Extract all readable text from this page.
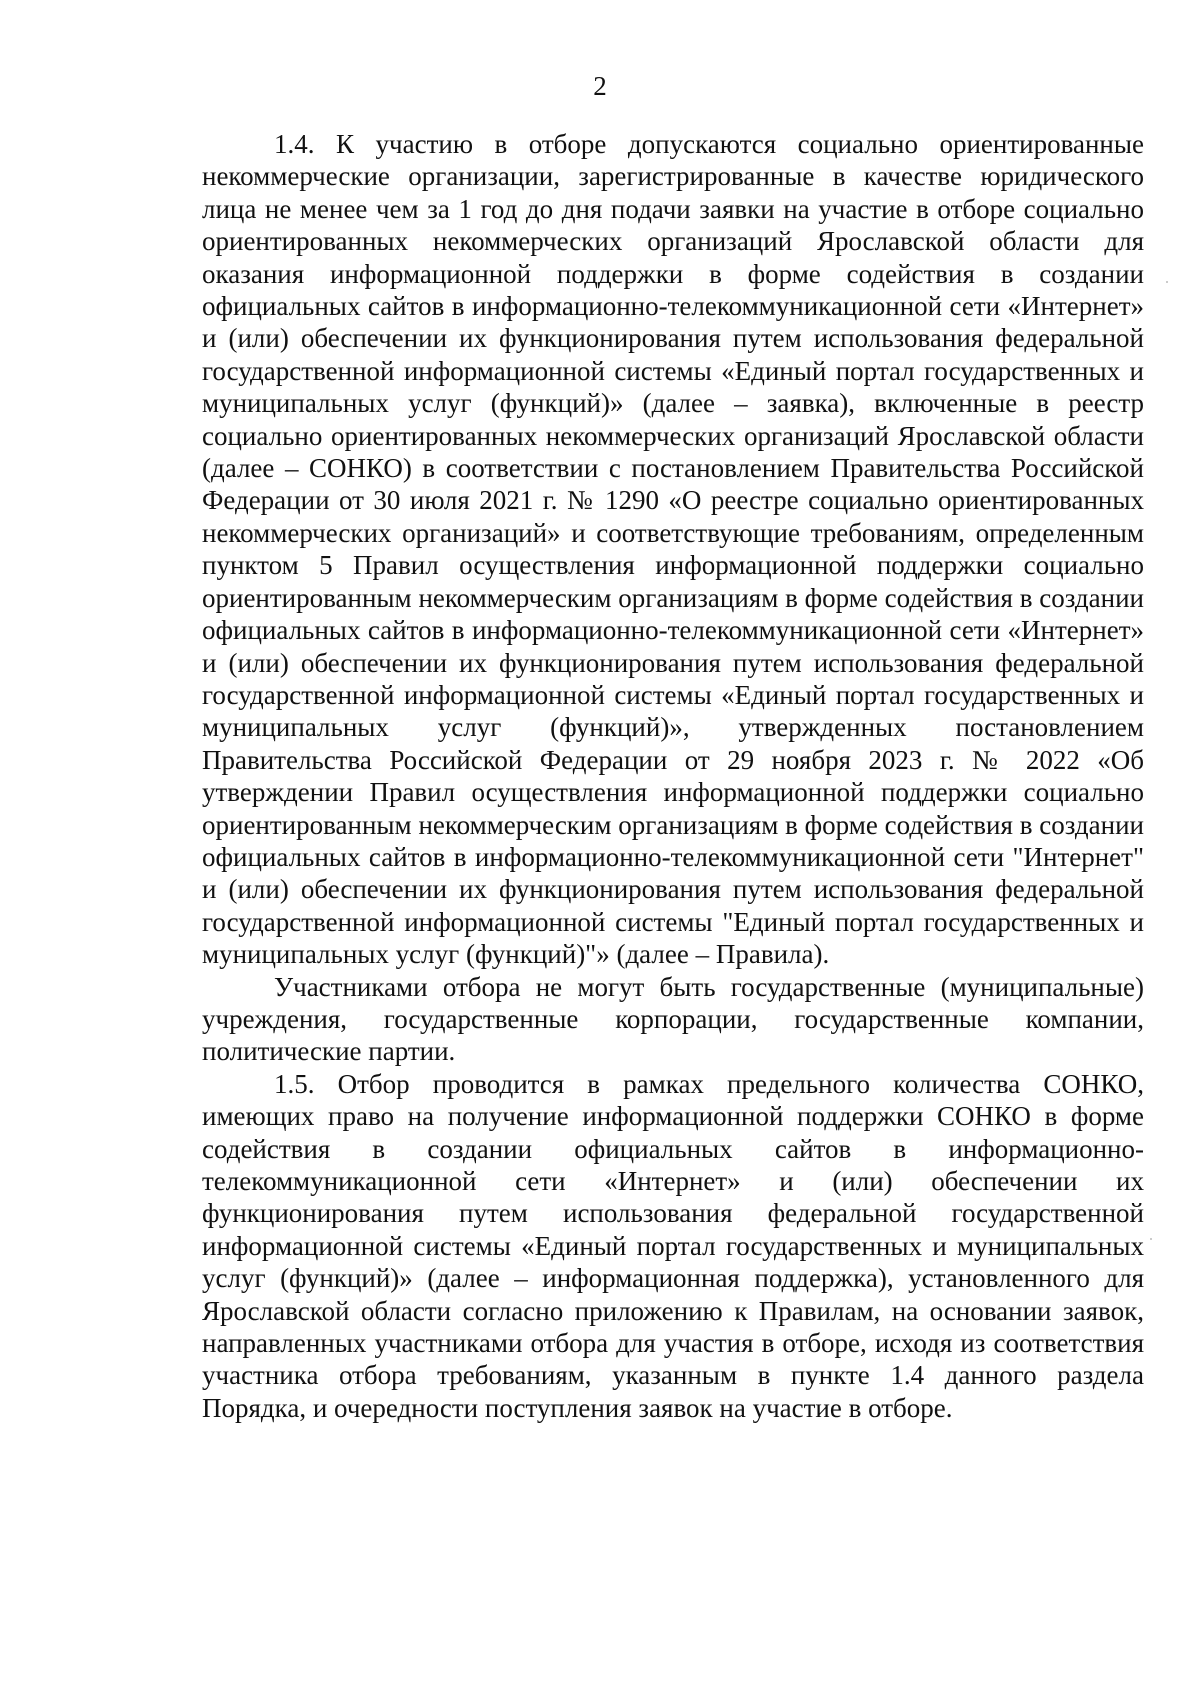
2

1.4. К участию в отборе допускаются социально ориентированные некоммерческие организации, зарегистрированные в качестве юридического лица не менее чем за 1 год до дня подачи заявки на участие в отборе социально ориентированных некоммерческих организаций Ярославской области для оказания информационной поддержки в форме содействия в создании официальных сайтов в информационно-телекоммуникационной сети «Интернет» и (или) обеспечении их функционирования путем использования федеральной государственной информационной системы «Единый портал государственных и муниципальных услуг (функций)» (далее – заявка), включенные в реестр социально ориентированных некоммерческих организаций Ярославской области (далее – СОНКО) в соответствии с постановлением Правительства Российской Федерации от 30 июля 2021 г. № 1290 «О реестре социально ориентированных некоммерческих организаций» и соответствующие требованиям, определенным пунктом 5 Правил осуществления информационной поддержки социально ориентированным некоммерческим организациям в форме содействия в создании официальных сайтов в информационно-телекоммуникационной сети «Интернет» и (или) обеспечении их функционирования путем использования федеральной государственной информационной системы «Единый портал государственных и муниципальных услуг (функций)», утвержденных постановлением Правительства Российской Федерации от 29 ноября 2023 г. № 2022 «Об утверждении Правил осуществления информационной поддержки социально ориентированным некоммерческим организациям в форме содействия в создании официальных сайтов в информационно-телекоммуникационной сети "Интернет" и (или) обеспечении их функционирования путем использования федеральной государственной информационной системы "Единый портал государственных и муниципальных услуг (функций)"» (далее – Правила).

Участниками отбора не могут быть государственные (муниципальные) учреждения, государственные корпорации, государственные компании, политические партии.

1.5. Отбор проводится в рамках предельного количества СОНКО, имеющих право на получение информационной поддержки СОНКО в форме содействия в создании официальных сайтов в информационно-телекоммуникационной сети «Интернет» и (или) обеспечении их функционирования путем использования федеральной государственной информационной системы «Единый портал государственных и муниципальных услуг (функций)» (далее – информационная поддержка), установленного для Ярославской области согласно приложению к Правилам, на основании заявок, направленных участниками отбора для участия в отборе, исходя из соответствия участника отбора требованиям, указанным в пункте 1.4 данного раздела Порядка, и очередности поступления заявок на участие в отборе.
